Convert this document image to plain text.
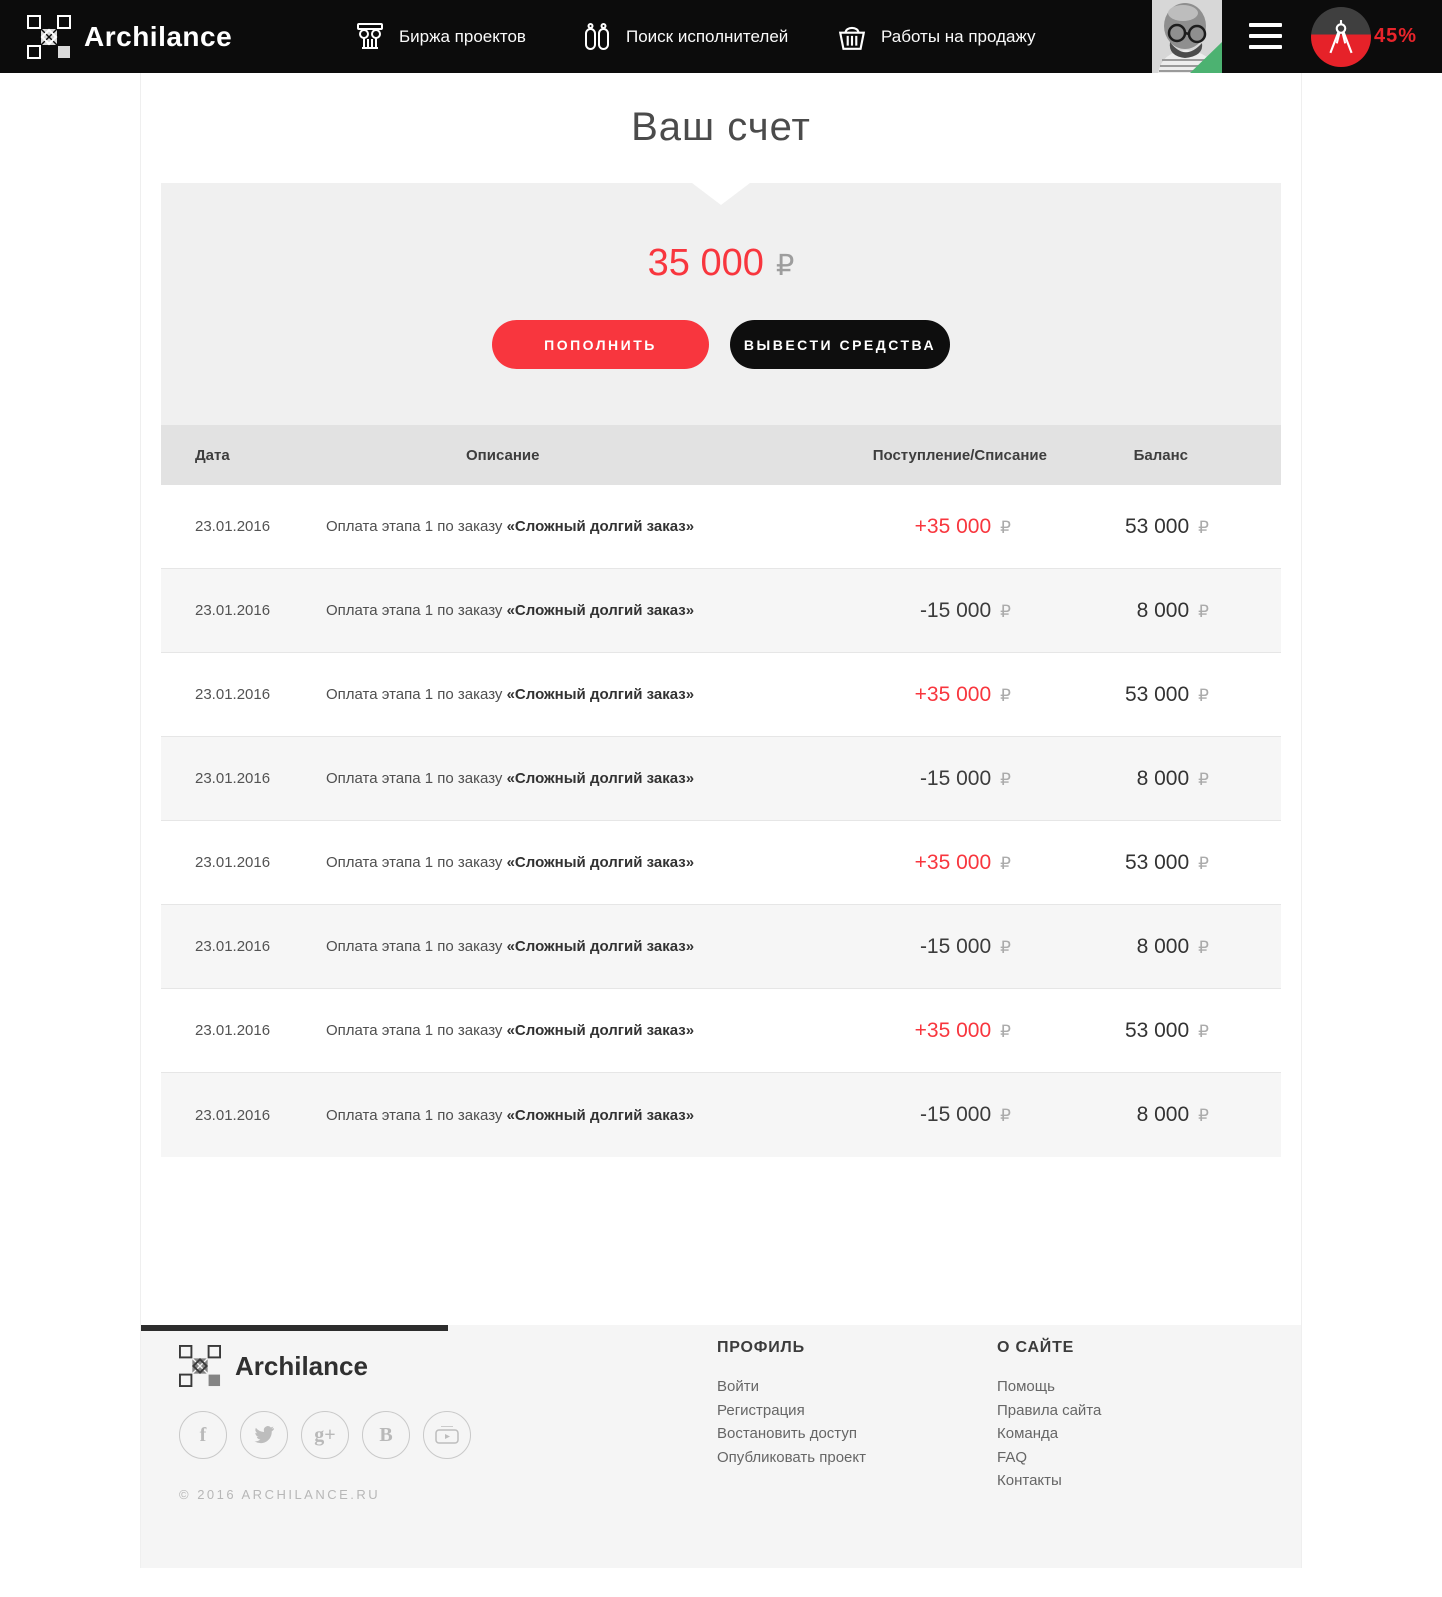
Archilance	Биржа проектов	Поиск исполнителей	Работы на продажу	45%
Ваш счет
35 000 ₽
ПОПОЛНИТЬ	ВЫВЕСТИ СРЕДСТВА
Дата	Описание	Поступление/Списание	Баланс
23.01.2016	Оплата этапа 1 по заказу «Сложный долгий заказ»	+35 000 ₽	53 000 ₽
23.01.2016	Оплата этапа 1 по заказу «Сложный долгий заказ»	-15 000 ₽	8 000 ₽
23.01.2016	Оплата этапа 1 по заказу «Сложный долгий заказ»	+35 000 ₽	53 000 ₽
23.01.2016	Оплата этапа 1 по заказу «Сложный долгий заказ»	-15 000 ₽	8 000 ₽
23.01.2016	Оплата этапа 1 по заказу «Сложный долгий заказ»	+35 000 ₽	53 000 ₽
23.01.2016	Оплата этапа 1 по заказу «Сложный долгий заказ»	-15 000 ₽	8 000 ₽
23.01.2016	Оплата этапа 1 по заказу «Сложный долгий заказ»	+35 000 ₽	53 000 ₽
23.01.2016	Оплата этапа 1 по заказу «Сложный долгий заказ»	-15 000 ₽	8 000 ₽
Archilance
f	g+ B
© 2016 ARCHILANCE.RU
ПРОФИЛЬ
Войти
Регистрация
Востановить доступ
Опубликовать проект
О САЙТЕ
Помощь
Правила сайта
Команда
FAQ
Контакты
